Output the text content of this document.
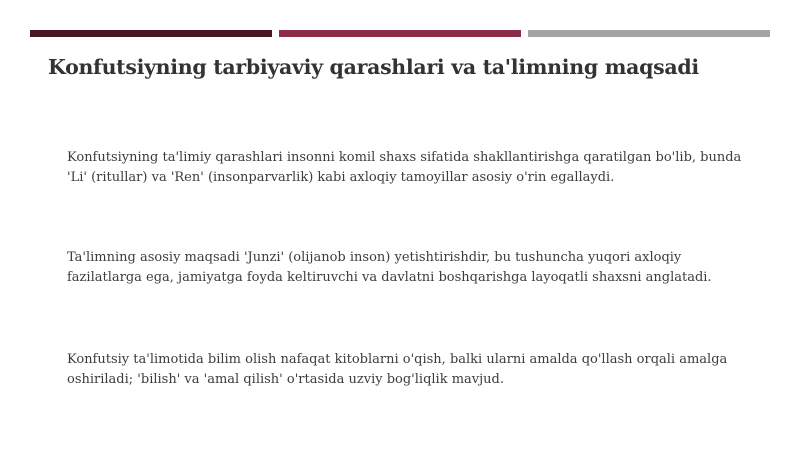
Konfutsiyning tarbiyaviy qarashlari va ta'limning maqsadi

Konfutsiyning ta'limiy qarashlari insonni komil shaxs sifatida shakllantirishga qaratilgan bo'lib, bunda 'Li' (ritullar) va 'Ren' (insonparvarlik) kabi axloqiy tamoyillar asosiy o'rin egallaydi.

Ta'limning asosiy maqsadi 'Junzi' (olijanob inson) yetishtirishdir, bu tushuncha yuqori axloqiy fazilatlarga ega, jamiyatga foyda keltiruvchi va davlatni boshqarishga layoqatli shaxsni anglatadi.

Konfutsiy ta'limotida bilim olish nafaqat kitoblarni o'qish, balki ularni amalda qo'llash orqali amalga oshiriladi; 'bilish' va 'amal qilish' o'rtasida uzviy bog'liqlik mavjud.
